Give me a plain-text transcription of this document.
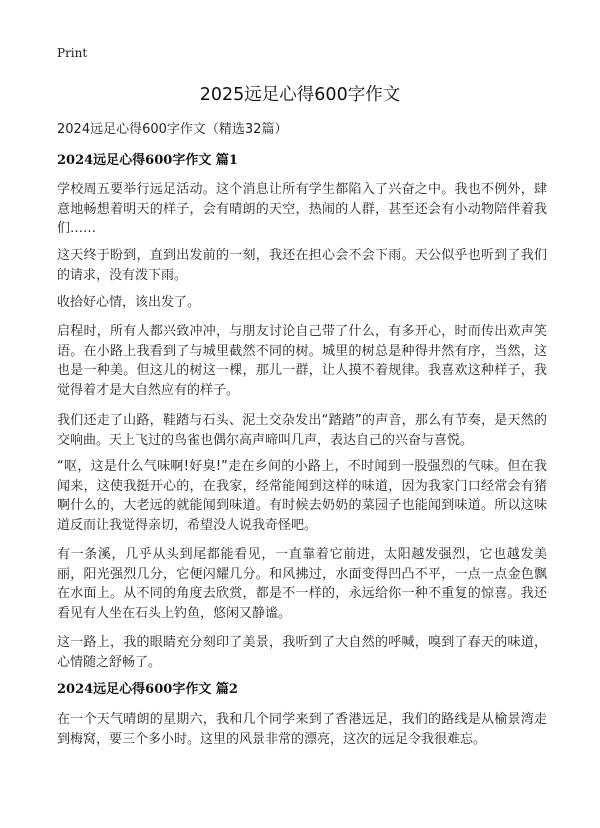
Print
2025远足心得600字作文
2024远足心得600字作文（精选32篇）
2024远足心得600字作文 篇1

学校周五要举行远足活动。这个消息让所有学生都陷入了兴奋之中。我也不例外，肆意地畅想着明天的样子，会有晴朗的天空，热闹的人群，甚至还会有小动物陪伴着我们……

这天终于盼到，直到出发前的一刻，我还在担心会不会下雨。天公似乎也听到了我们的请求，没有泼下雨。

收拾好心情，该出发了。

启程时，所有人都兴致冲冲，与朋友讨论自己带了什么，有多开心，时而传出欢声笑语。在小路上我看到了与城里截然不同的树。城里的树总是种得井然有序，当然，这也是一种美。但这儿的树这一棵，那儿一群，让人摸不着规律。我喜欢这种样子，我觉得着才是大自然应有的样子。

我们还走了山路，鞋踏与石头、泥土交杂发出“踏踏”的声音，那么有节奏，是天然的交响曲。天上飞过的鸟雀也偶尔高声啼叫几声，表达自己的兴奋与喜悦。

“呕，这是什么气味啊!好臭!”走在乡间的小路上，不时闻到一股强烈的气味。但在我闻来，这使我挺开心的，在我家，经常能闻到这样的味道，因为我家门口经常会有猪啊什么的，大老远的就能闻到味道。有时候去奶奶的菜园子也能闻到味道。所以这味道反而让我觉得亲切，希望没人说我奇怪吧。

有一条溪，几乎从头到尾都能看见，一直靠着它前进，太阳越发强烈，它也越发美丽，阳光强烈几分，它便闪耀几分。和风拂过，水面变得凹凸不平，一点一点金色飘在水面上。从不同的角度去欣赏，都是不一样的，永远给你一种不重复的惊喜。我还看见有人坐在石头上钓鱼，悠闲又静谧。

这一路上，我的眼睛充分刻印了美景，我听到了大自然的呼喊，嗅到了春天的味道，心情随之舒畅了。

2024远足心得600字作文 篇2

在一个天气晴朗的星期六，我和几个同学来到了香港远足，我们的路线是从榆景湾走到梅窝，要三个多小时。这里的风景非常的漂亮，这次的远足令我很难忘。
